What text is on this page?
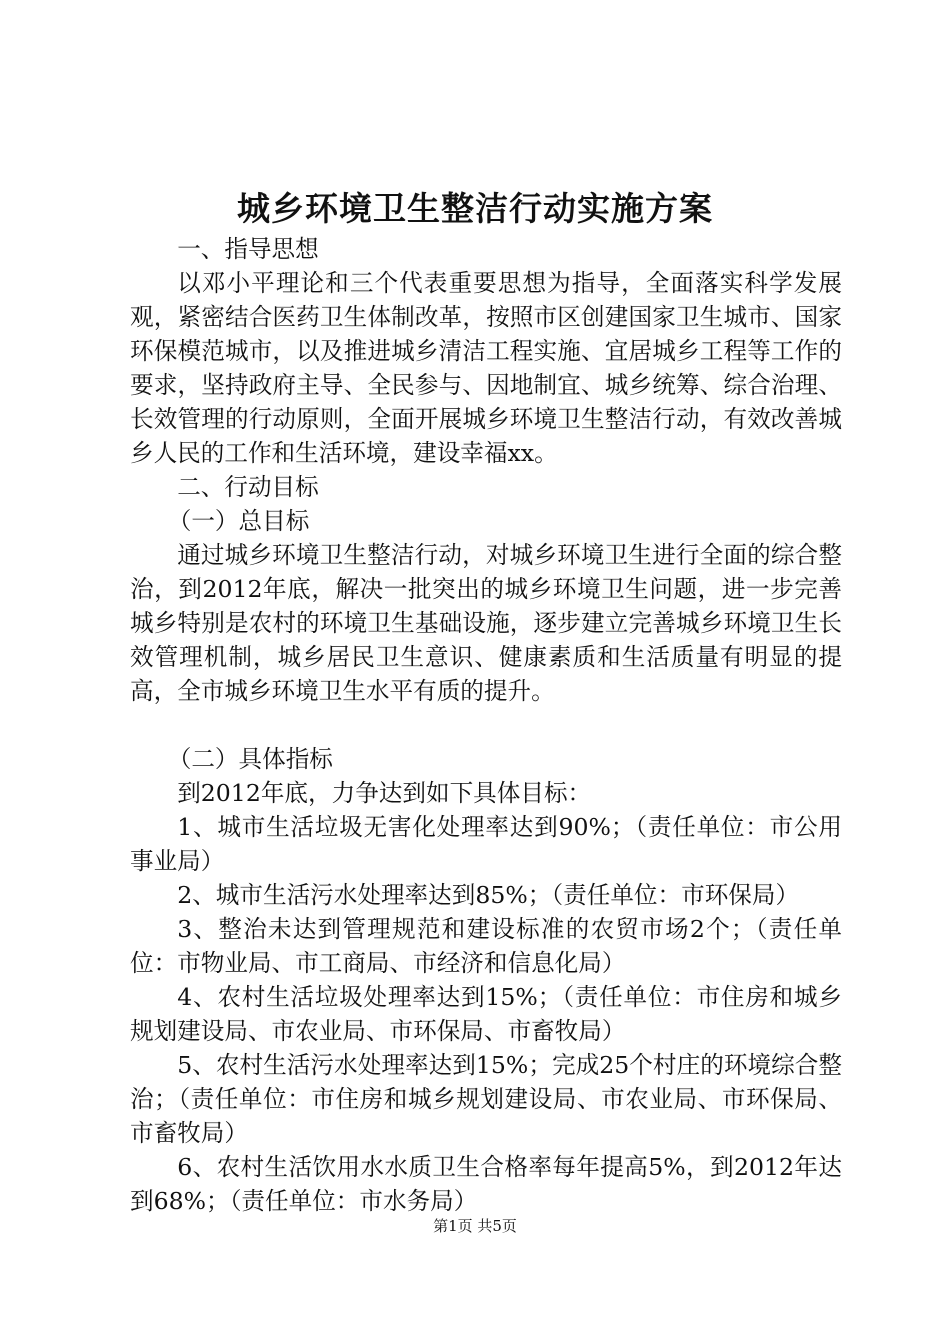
城乡环境卫生整洁行动实施方案

一、指导思想

以邓小平理论和三个代表重要思想为指导，全面落实科学发展观，紧密结合医药卫生体制改革，按照市区创建国家卫生城市、国家环保模范城市，以及推进城乡清洁工程实施、宜居城乡工程等工作的要求，坚持政府主导、全民参与、因地制宜、城乡统筹、综合治理、长效管理的行动原则，全面开展城乡环境卫生整洁行动，有效改善城乡人民的工作和生活环境，建设幸福xx。

二、行动目标

（一）总目标

通过城乡环境卫生整洁行动，对城乡环境卫生进行全面的综合整治，到2012年底，解决一批突出的城乡环境卫生问题，进一步完善城乡特别是农村的环境卫生基础设施，逐步建立完善城乡环境卫生长效管理机制，城乡居民卫生意识、健康素质和生活质量有明显的提高，全市城乡环境卫生水平有质的提升。

（二）具体指标

到2012年底，力争达到如下具体目标：

1、城市生活垃圾无害化处理率达到90%；（责任单位：市公用事业局）

2、城市生活污水处理率达到85%；（责任单位：市环保局）

3、整治未达到管理规范和建设标准的农贸市场2个；（责任单位：市物业局、市工商局、市经济和信息化局）

4、农村生活垃圾处理率达到15%；（责任单位：市住房和城乡规划建设局、市农业局、市环保局、市畜牧局）

5、农村生活污水处理率达到15%；完成25个村庄的环境综合整治；（责任单位：市住房和城乡规划建设局、市农业局、市环保局、市畜牧局）

6、农村生活饮用水水质卫生合格率每年提高5%，到2012年达到68%；（责任单位：市水务局）

第1页 共5页
